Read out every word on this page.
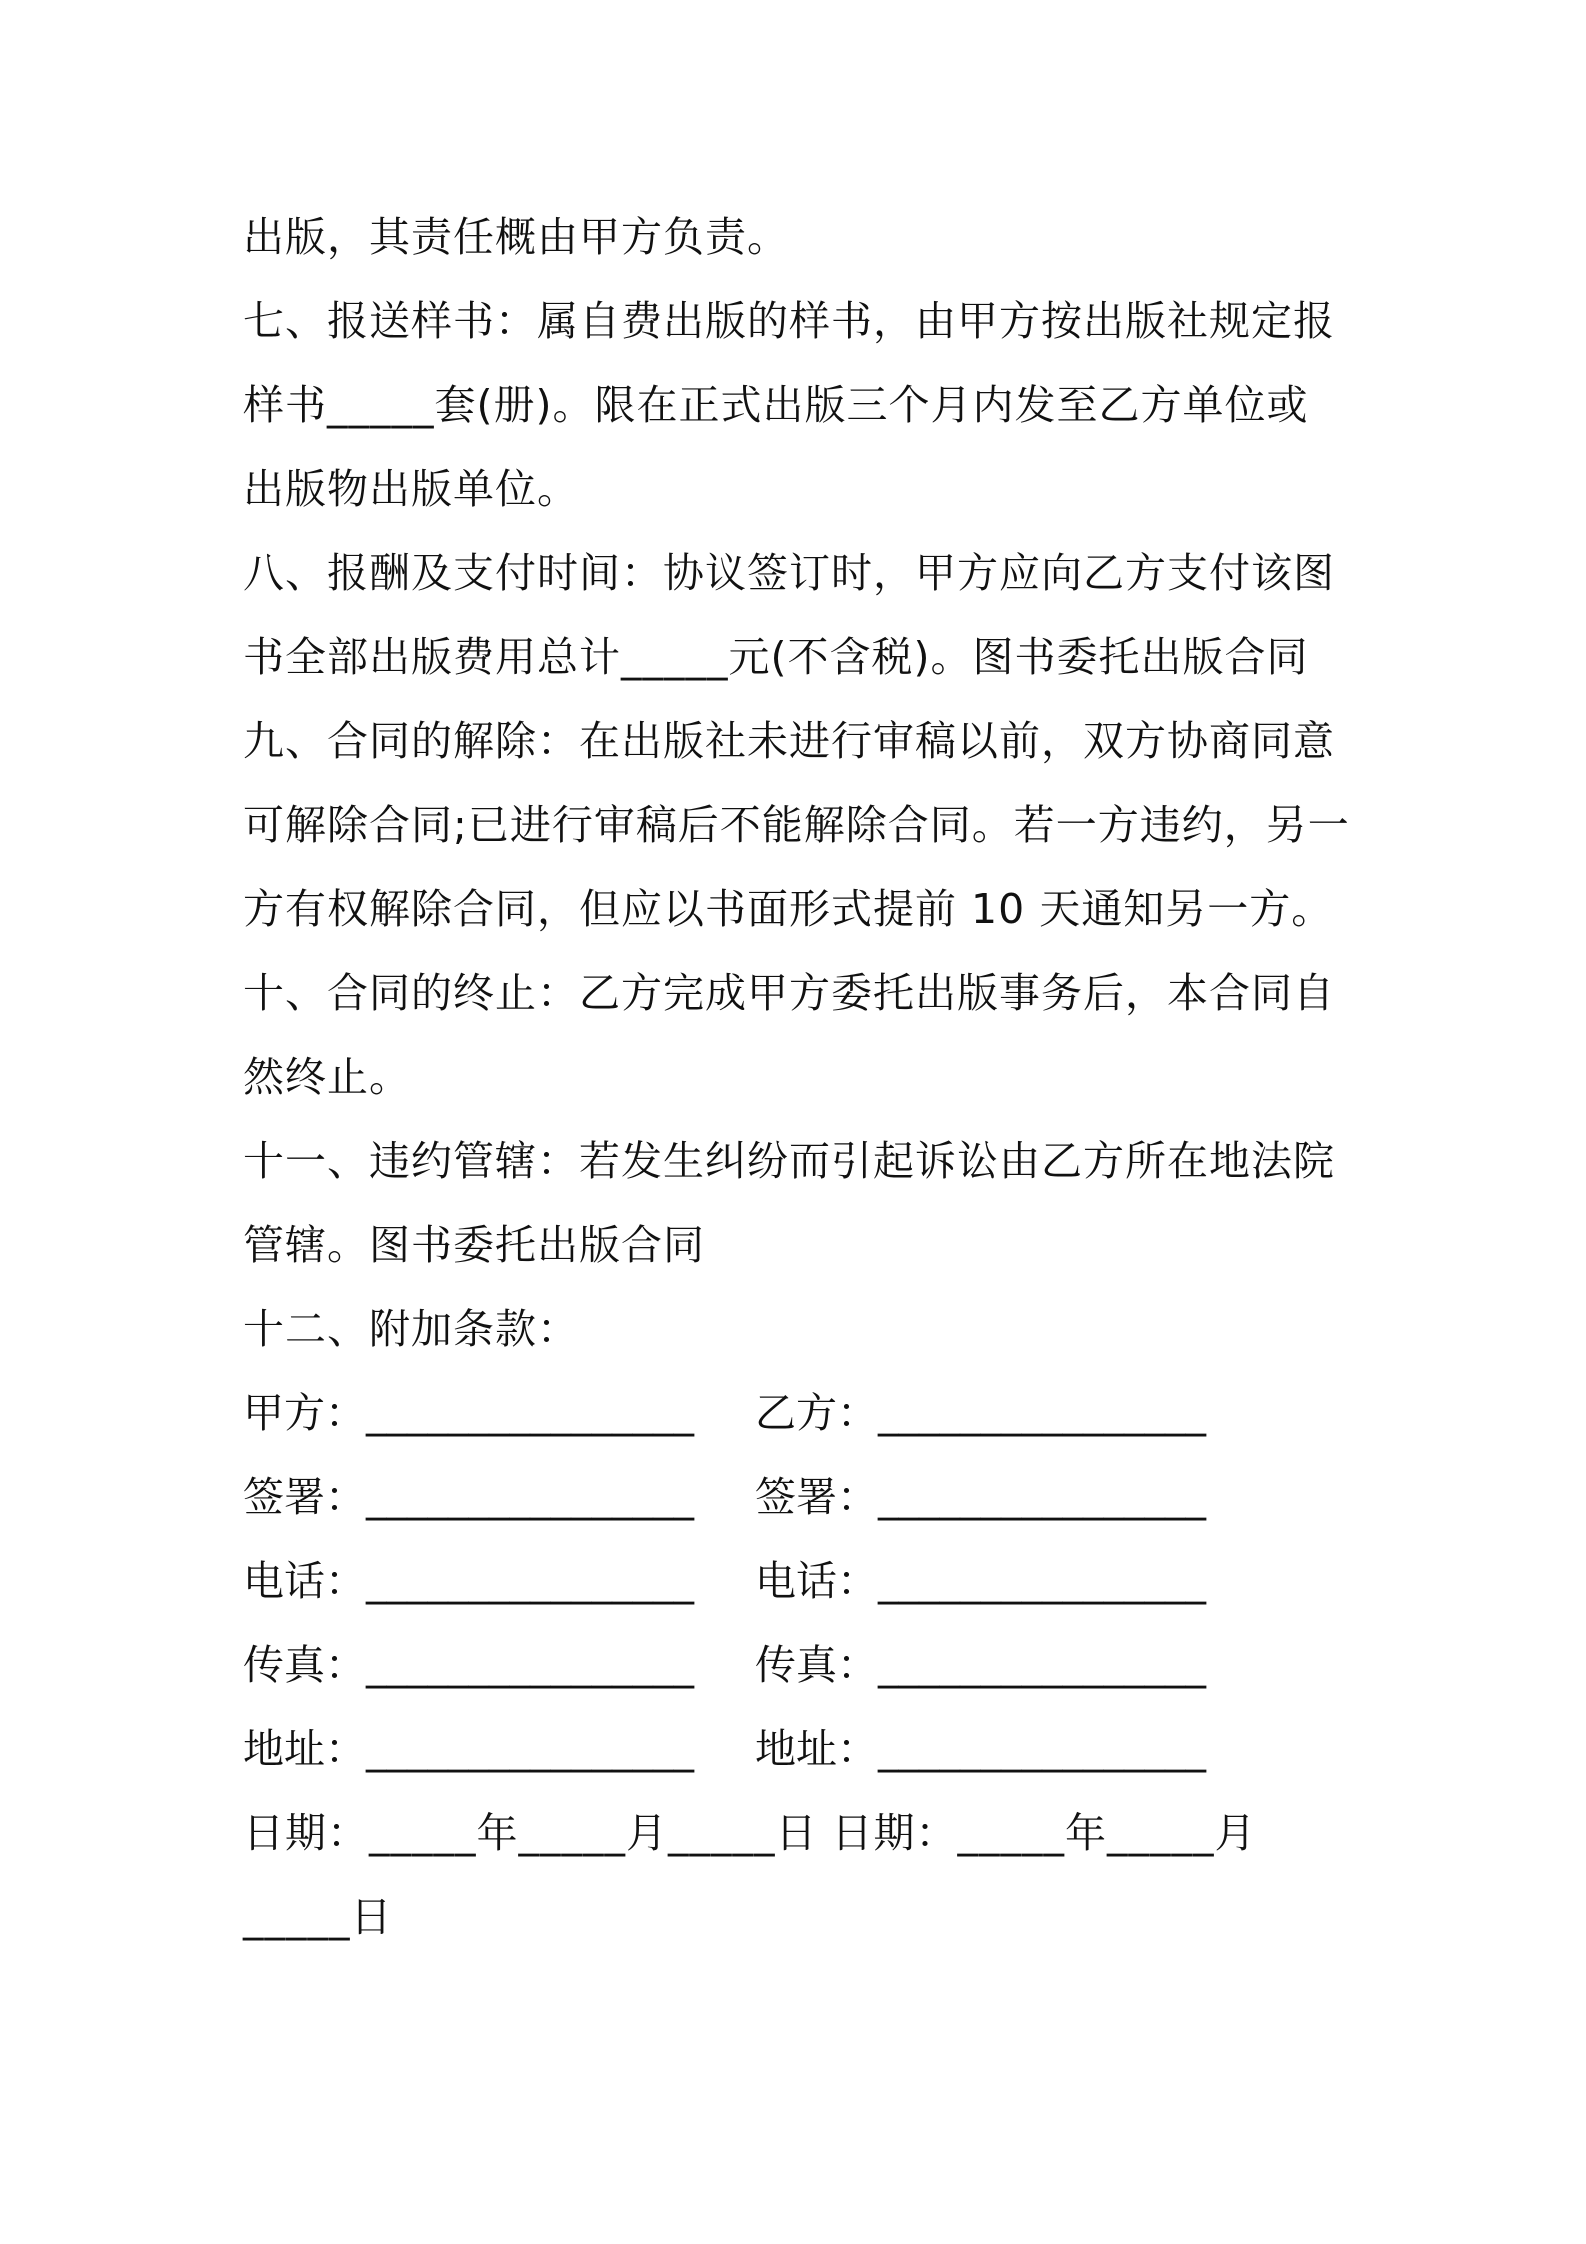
出版，其责任概由甲方负责。
七、报送样书：属自费出版的样书，由甲方按出版社规定报
样书_____套(册)。限在正式出版三个月内发至乙方单位或
出版物出版单位。
八、报酬及支付时间：协议签订时，甲方应向乙方支付该图
书全部出版费用总计_____元(不含税)。图书委托出版合同
九、合同的解除：在出版社未进行审稿以前，双方协商同意
可解除合同;已进行审稿后不能解除合同。若一方违约，另一
方有权解除合同，但应以书面形式提前 10 天通知另一方。
十、合同的终止：乙方完成甲方委托出版事务后，本合同自
然终止。
十一、违约管辖：若发生纠纷而引起诉讼由乙方所在地法院
管辖。图书委托出版合同
十二、附加条款：
甲方：________________ 乙方：________________
签署：________________ 签署：________________
电话：________________ 电话：________________
传真：________________ 传真：________________
地址：________________ 地址：________________
日期：_____年_____月_____日 日期：_____年_____月
_____日
